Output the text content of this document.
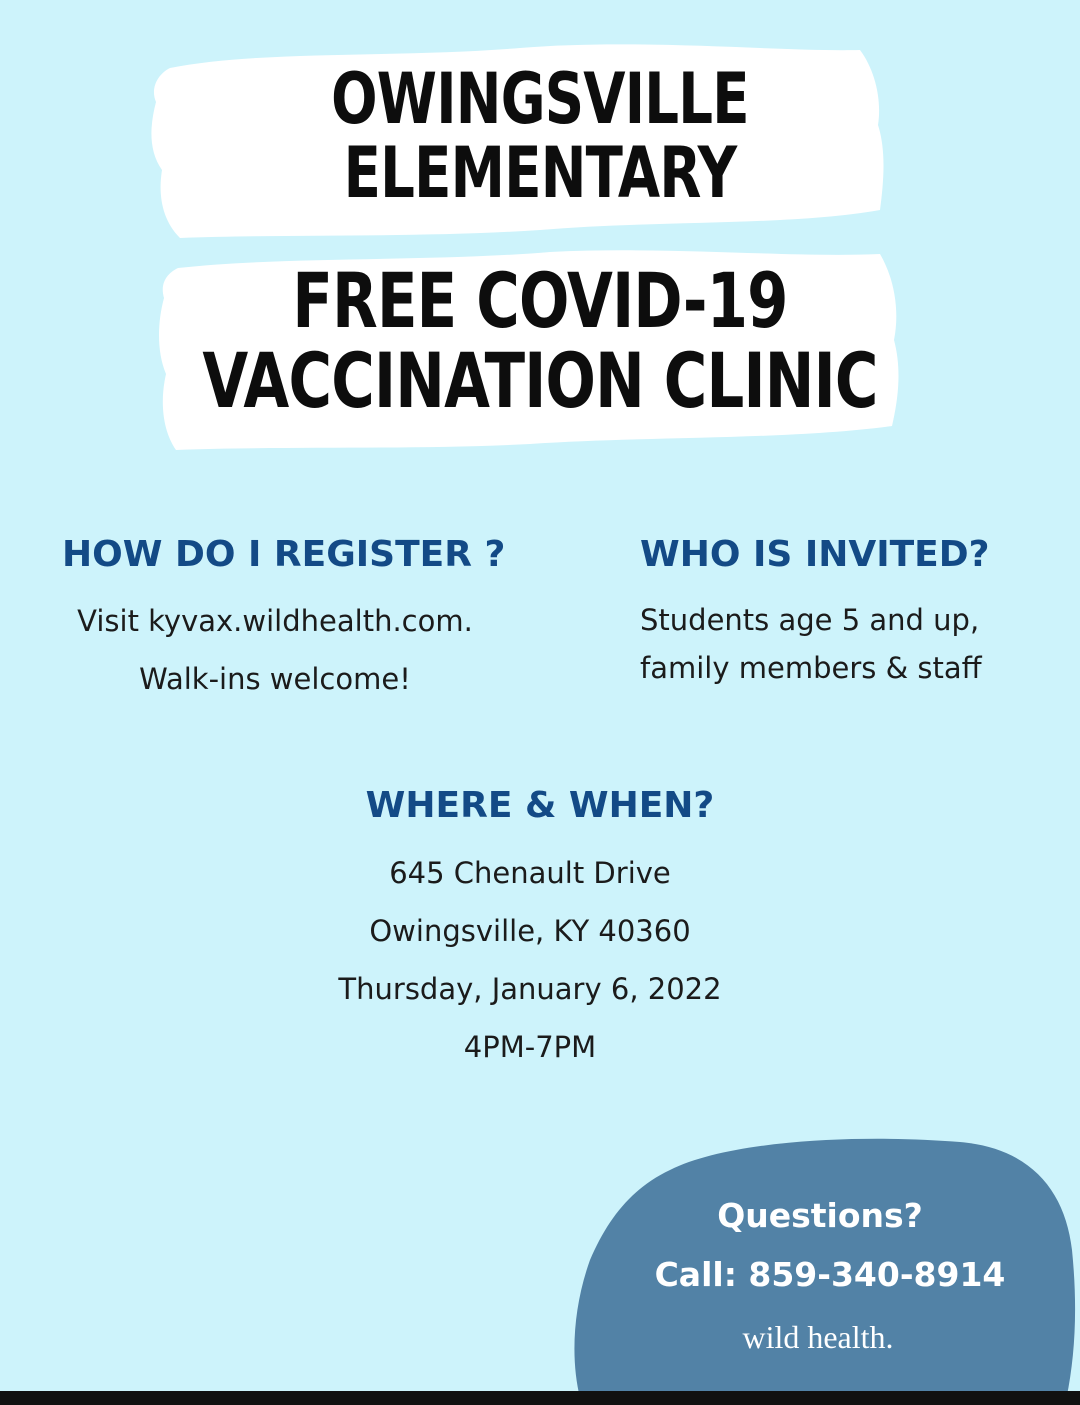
OWINGSVILLE
ELEMENTARY
FREE COVID-19
VACCINATION CLINIC
HOW DO I REGISTER ?

Visit kyvax.wildhealth.com.

Walk-ins welcome!

WHO IS INVITED?

Students age 5 and up,

family members & staff

WHERE & WHEN?

645 Chenault Drive

Owingsville, KY 40360

Thursday, January 6, 2022

4PM-7PM

Questions?

Call: 859-340-8914

wild health.
